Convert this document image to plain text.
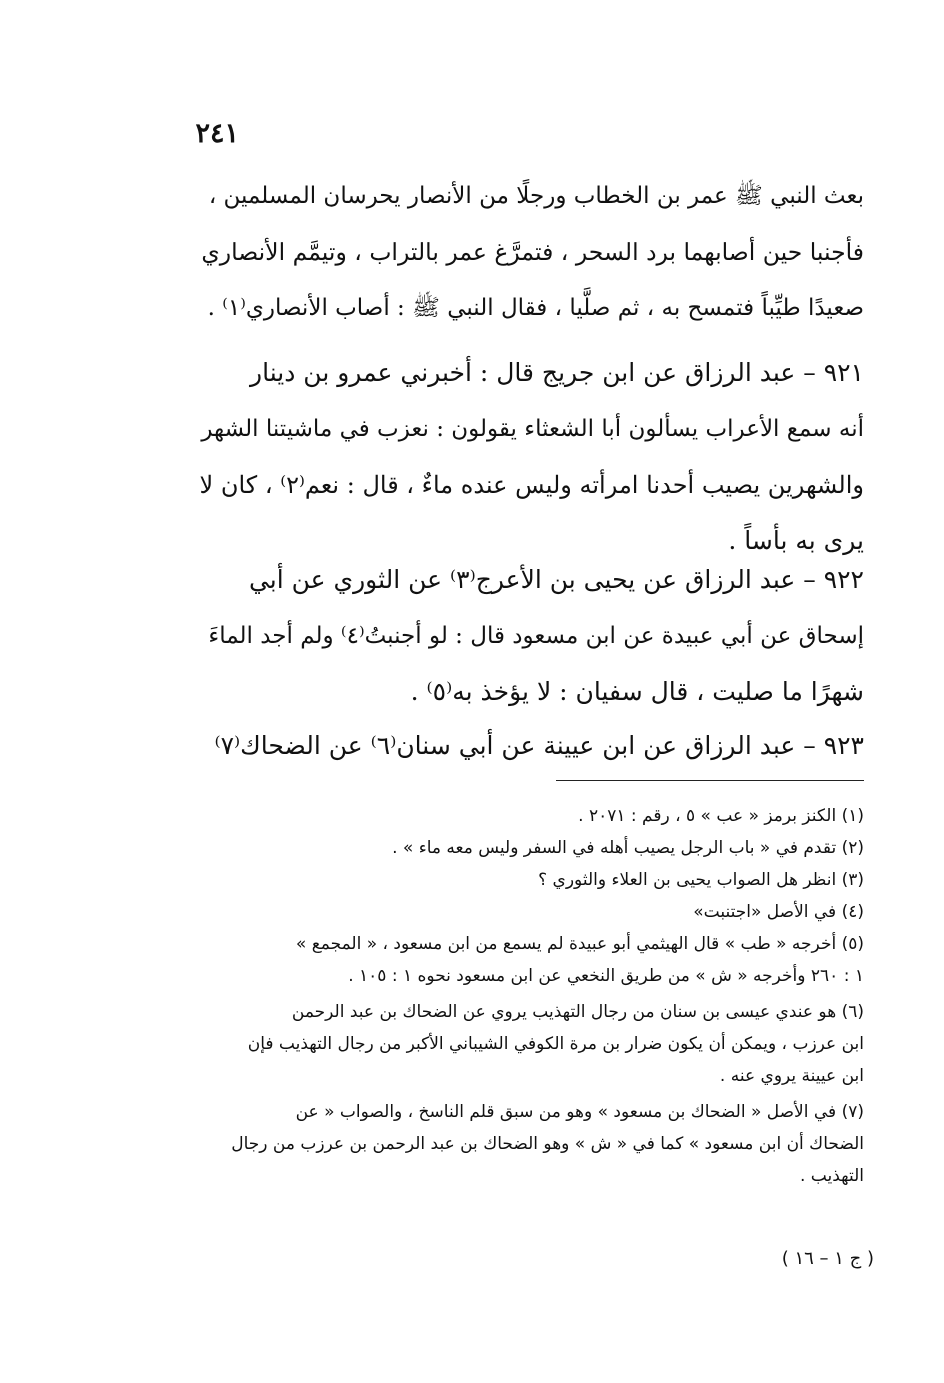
٢٤١
بعث النبي ﷺ عمر بن الخطاب ورجلًا من الأنصار يحرسان المسلمين ،
فأجنبا حين أصابهما برد السحر ، فتمرَّغ عمر بالتراب ، وتيمَّم الأنصاري
صعيدًا طيِّباً فتمسح به ، ثم صلَّيا ، فقال النبي ﷺ : أصاب الأنصاري⁽١⁾ .
٩٢١ – عبد الرزاق عن ابن جريج قال : أخبرني عمرو بن دينار
أنه سمع الأعراب يسألون أبا الشعثاء يقولون : نعزب في ماشيتنا الشهر
والشهرين يصيب أحدنا امرأته وليس عنده ماءٌ ، قال : نعم⁽٢⁾ ، كان لا
يرى به بأساً .
٩٢٢ – عبد الرزاق عن يحيى بن الأعرج⁽٣⁾ عن الثوري عن أبي
إسحاق عن أبي عبيدة عن ابن مسعود قال : لو أجنبتُ⁽٤⁾ ولم أجد الماءَ
شهرًا ما صليت ، قال سفيان : لا يؤخذ به⁽٥⁾ .
٩٢٣ – عبد الرزاق عن ابن عيينة عن أبي سنان⁽٦⁾ عن الضحاك⁽٧⁾
(١) الكنز برمز « عب » ٥ ، رقم : ٢٠٧١ .
(٢) تقدم في « باب الرجل يصيب أهله في السفر وليس معه ماء » .
(٣) انظر هل الصواب يحيى بن العلاء والثوري ؟
(٤) في الأصل «اجتنبت»
(٥) أخرجه « طب » قال الهيثمي أبو عبيدة لم يسمع من ابن مسعود ، « المجمع »
١ : ٢٦٠ وأخرجه « ش » من طريق النخعي عن ابن مسعود نحوه ١ : ١٠٥ .
(٦) هو عندي عيسى بن سنان من رجال التهذيب يروي عن الضحاك بن عبد الرحمن
ابن عرزب ، ويمكن أن يكون ضرار بن مرة الكوفي الشيباني الأكبر من رجال التهذيب فإن
ابن عيينة يروي عنه .
(٧) في الأصل « الضحاك بن مسعود » وهو من سبق قلم الناسخ ، والصواب « عن
الضحاك أن ابن مسعود » كما في « ش » وهو الضحاك بن عبد الرحمن بن عرزب من رجال
التهذيب .
( ج ١ – ١٦ )
